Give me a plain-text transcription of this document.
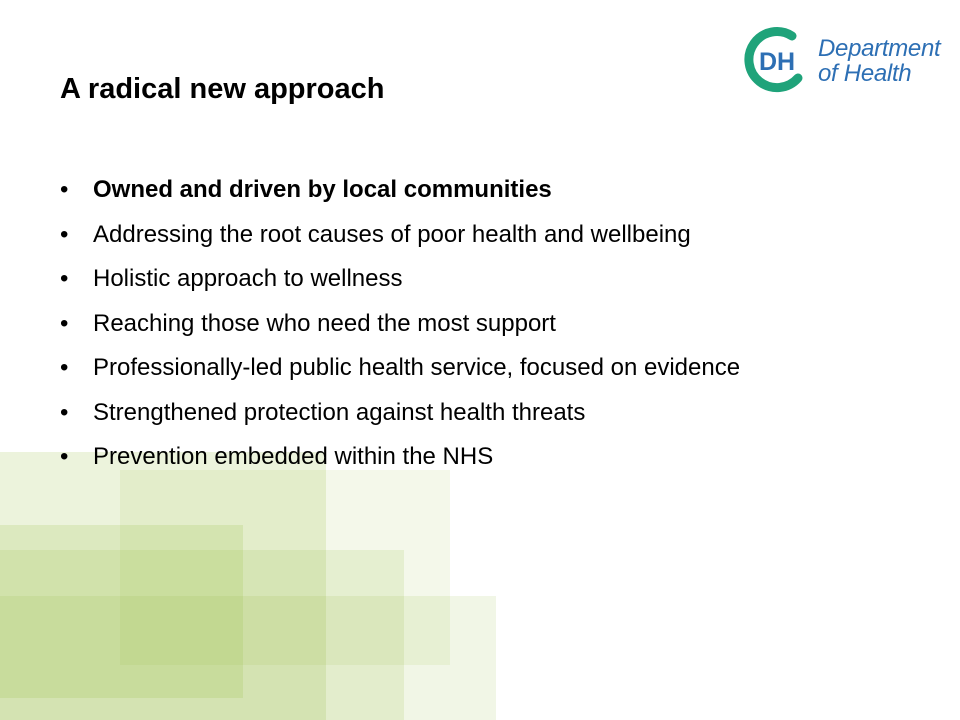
DH Department
of Health
A radical new approach
• Owned and driven by local communities
• Addressing the root causes of poor health and wellbeing
• Holistic approach to wellness
• Reaching those who need the most support
• Professionally-led public health service, focused on evidence
• Strengthened protection against health threats
• Prevention embedded within the NHS
